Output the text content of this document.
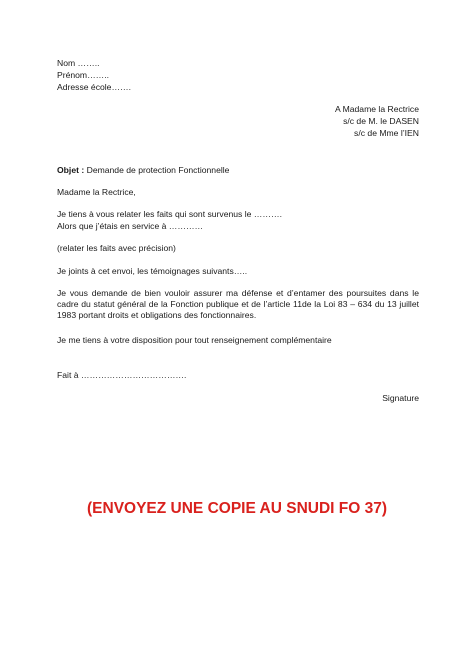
Nom ……..
Prénom……..
Adresse école…….
A Madame la Rectrice
s/c de M. le DASEN
s/c de Mme l’IEN
Objet : Demande de protection Fonctionnelle
Madame la Rectrice,
Je tiens à vous relater les faits qui sont survenus le ……….
Alors que j’étais en service à …………
(relater les faits avec précision)
Je joints à cet envoi, les témoignages suivants…..
Je vous demande de bien vouloir assurer ma défense et d’entamer des poursuites dans le cadre du statut général de la Fonction publique et de l’article 11de la Loi 83 – 634 du 13 juillet 1983 portant droits et obligations des fonctionnaires.
Je me tiens à votre disposition pour tout renseignement complémentaire
Fait à ……………………………….
Signature
(ENVOYEZ UNE COPIE AU SNUDI FO 37)
